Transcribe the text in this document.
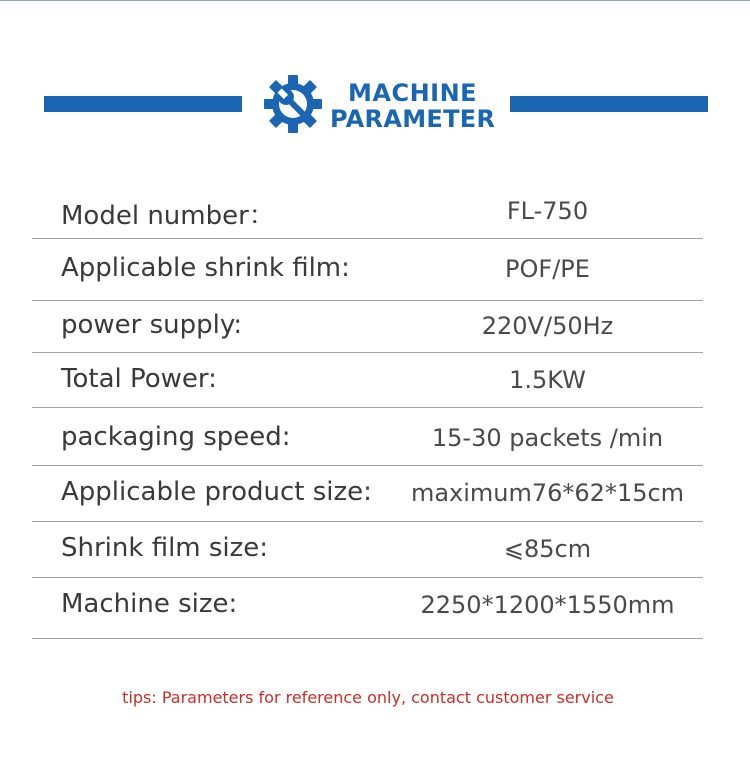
MACHINE
PARAMETER
Model number：	FL-750
Applicable shrink film:	POF/PE
power supply:	220V/50Hz
Total Power:	1.5KW
packaging speed:	15-30 packets /min
Applicable product size:	maximum76*62*15cm
Shrink film size:	⩽85cm
Machine size:	2250*1200*1550mm
tips: Parameters for reference only, contact customer service
